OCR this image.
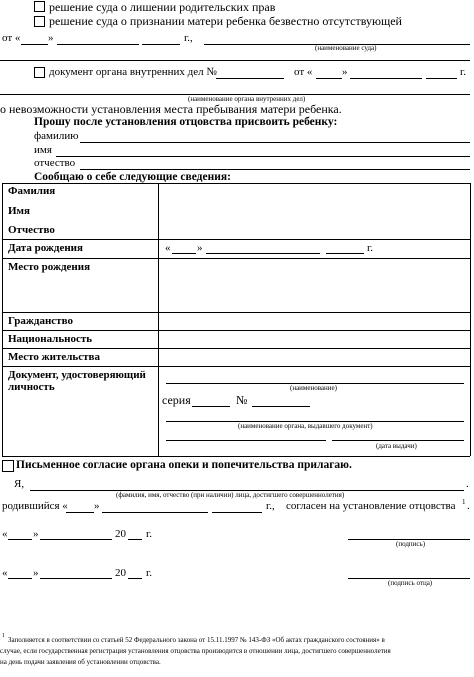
решение суда о лишении родительских прав
решение суда о признании матери ребенка безвестно отсутствующей
от «	»	г.,
(наименование суда)
документ органа внутренних дел №	от «	»	г.
(наименование органа внутренних дел)
о невозможности установления места пребывания матери ребенка.
Прошу после установления отцовства присвоить ребенку:
фамилию
имя
отчество
Сообщаю о себе следующие сведения:
Фамилия
Имя
Отчество
Дата рождения	« »	г.
Место рождения
Гражданство
Национальность
Место жительства
Документ, удостоверяющий
личность	(наименование)
серия	№
(наименование органа, выдавшего документ)
(дата выдачи)
Письменное согласие органа опеки и попечительства прилагаю.
Я,	.
(фамилия, имя, отчество (при наличии) лица, достигшего совершеннолетия)
родившийся « »	г., согласен на установление отцовства 1 .
« »	20 г.
(подпись)
« »	20 г.
(подпись отца)
1 Заполняется в соответствии со статьей 52 Федерального закона от 15.11.1997 № 143-ФЗ «Об актах гражданского состояния» в
случае, если государственная регистрация установления отцовства производится в отношении лица, достигшего совершеннолетия
на день подачи заявления об установлении отцовства.
